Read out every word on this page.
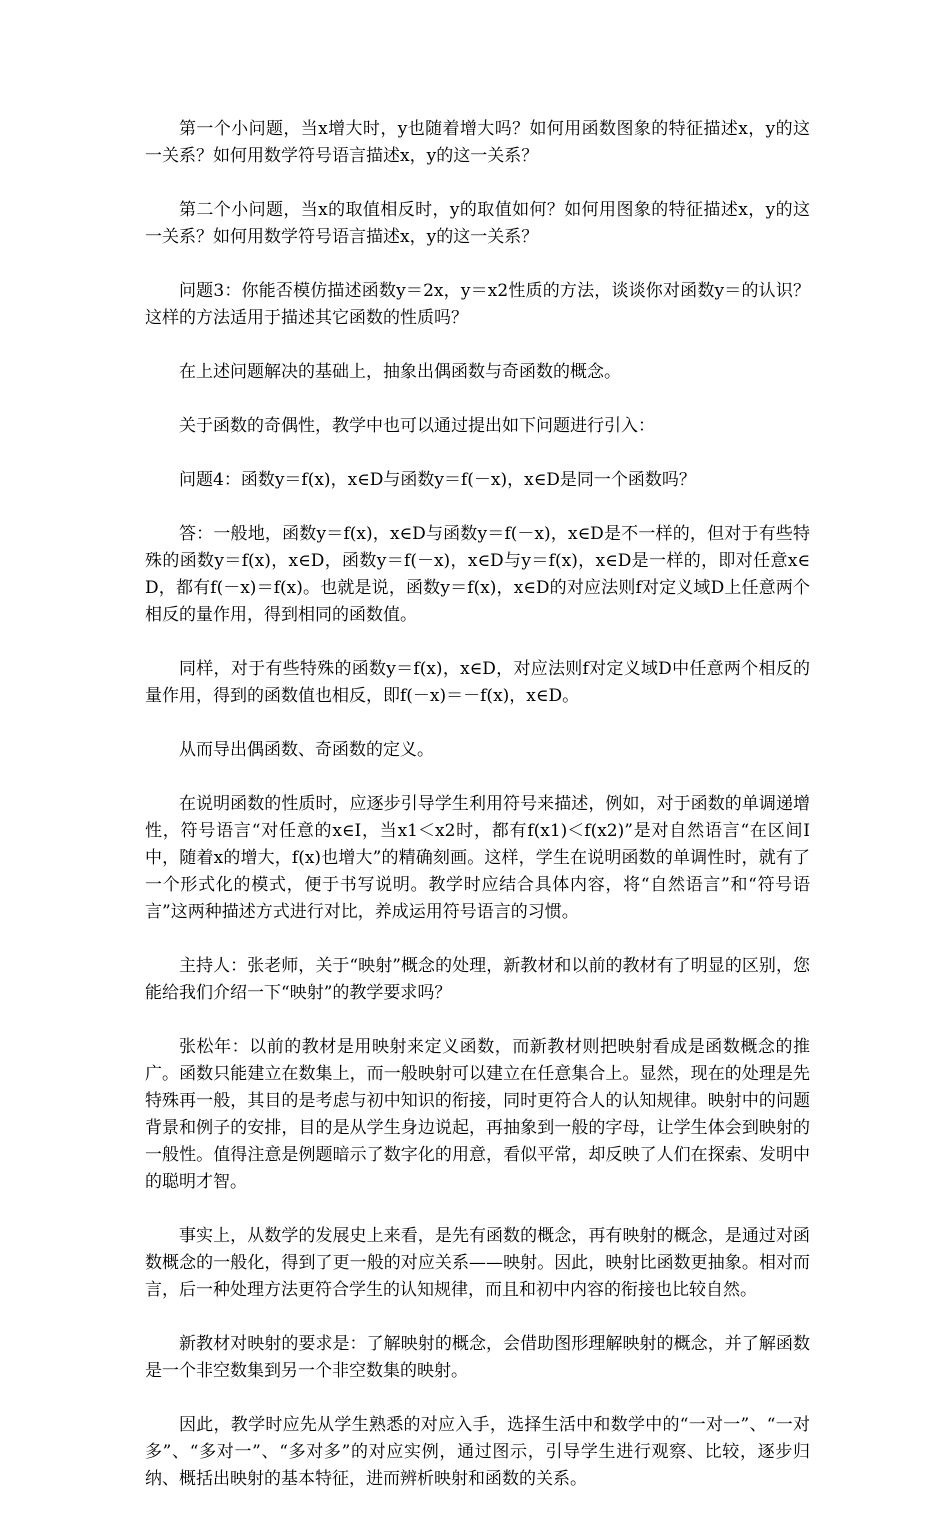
第一个小问题，当x增大时，y也随着增大吗？如何用函数图象的特征描述x，y的这一关系？如何用数学符号语言描述x，y的这一关系？

第二个小问题，当x的取值相反时，y的取值如何？如何用图象的特征描述x，y的这一关系？如何用数学符号语言描述x，y的这一关系？

问题3：你能否模仿描述函数y＝2x，y＝x2性质的方法，谈谈你对函数y＝的认识？这样的方法适用于描述其它函数的性质吗？

在上述问题解决的基础上，抽象出偶函数与奇函数的概念。

关于函数的奇偶性，教学中也可以通过提出如下问题进行引入：

问题4：函数y＝f(x)，x∈D与函数y＝f(－x)，x∈D是同一个函数吗？

答：一般地，函数y＝f(x)，x∈D与函数y＝f(－x)，x∈D是不一样的，但对于有些特殊的函数y＝f(x)，x∈D，函数y＝f(－x)，x∈D与y＝f(x)，x∈D是一样的，即对任意x∈D，都有f(－x)＝f(x)。也就是说，函数y＝f(x)，x∈D的对应法则f对定义域D上任意两个相反的量作用，得到相同的函数值。

同样，对于有些特殊的函数y＝f(x)，x∈D，对应法则f对定义域D中任意两个相反的量作用，得到的函数值也相反，即f(－x)＝－f(x)，x∈D。

从而导出偶函数、奇函数的定义。

在说明函数的性质时，应逐步引导学生利用符号来描述，例如，对于函数的单调递增性，符号语言“对任意的x∈I，当x1＜x2时，都有f(x1)＜f(x2)”是对自然语言“在区间I中，随着x的增大，f(x)也增大”的精确刻画。这样，学生在说明函数的单调性时，就有了一个形式化的模式，便于书写说明。教学时应结合具体内容，将“自然语言”和“符号语言”这两种描述方式进行对比，养成运用符号语言的习惯。

主持人：张老师，关于“映射”概念的处理，新教材和以前的教材有了明显的区别，您能给我们介绍一下“映射”的教学要求吗？

张松年：以前的教材是用映射来定义函数，而新教材则把映射看成是函数概念的推广。函数只能建立在数集上，而一般映射可以建立在任意集合上。显然，现在的处理是先特殊再一般，其目的是考虑与初中知识的衔接，同时更符合人的认知规律。映射中的问题背景和例子的安排，目的是从学生身边说起，再抽象到一般的字母，让学生体会到映射的一般性。值得注意是例题暗示了数字化的用意，看似平常，却反映了人们在探索、发明中的聪明才智。

事实上，从数学的发展史上来看，是先有函数的概念，再有映射的概念，是通过对函数概念的一般化，得到了更一般的对应关系——映射。因此，映射比函数更抽象。相对而言，后一种处理方法更符合学生的认知规律，而且和初中内容的衔接也比较自然。

新教材对映射的要求是：了解映射的概念，会借助图形理解映射的概念，并了解函数是一个非空数集到另一个非空数集的映射。

因此，教学时应先从学生熟悉的对应入手，选择生活中和数学中的“一对一”、“一对多”、“多对一”、“多对多”的对应实例，通过图示，引导学生进行观察、比较，逐步归纳、概括出映射的基本特征，进而辨析映射和函数的关系。
